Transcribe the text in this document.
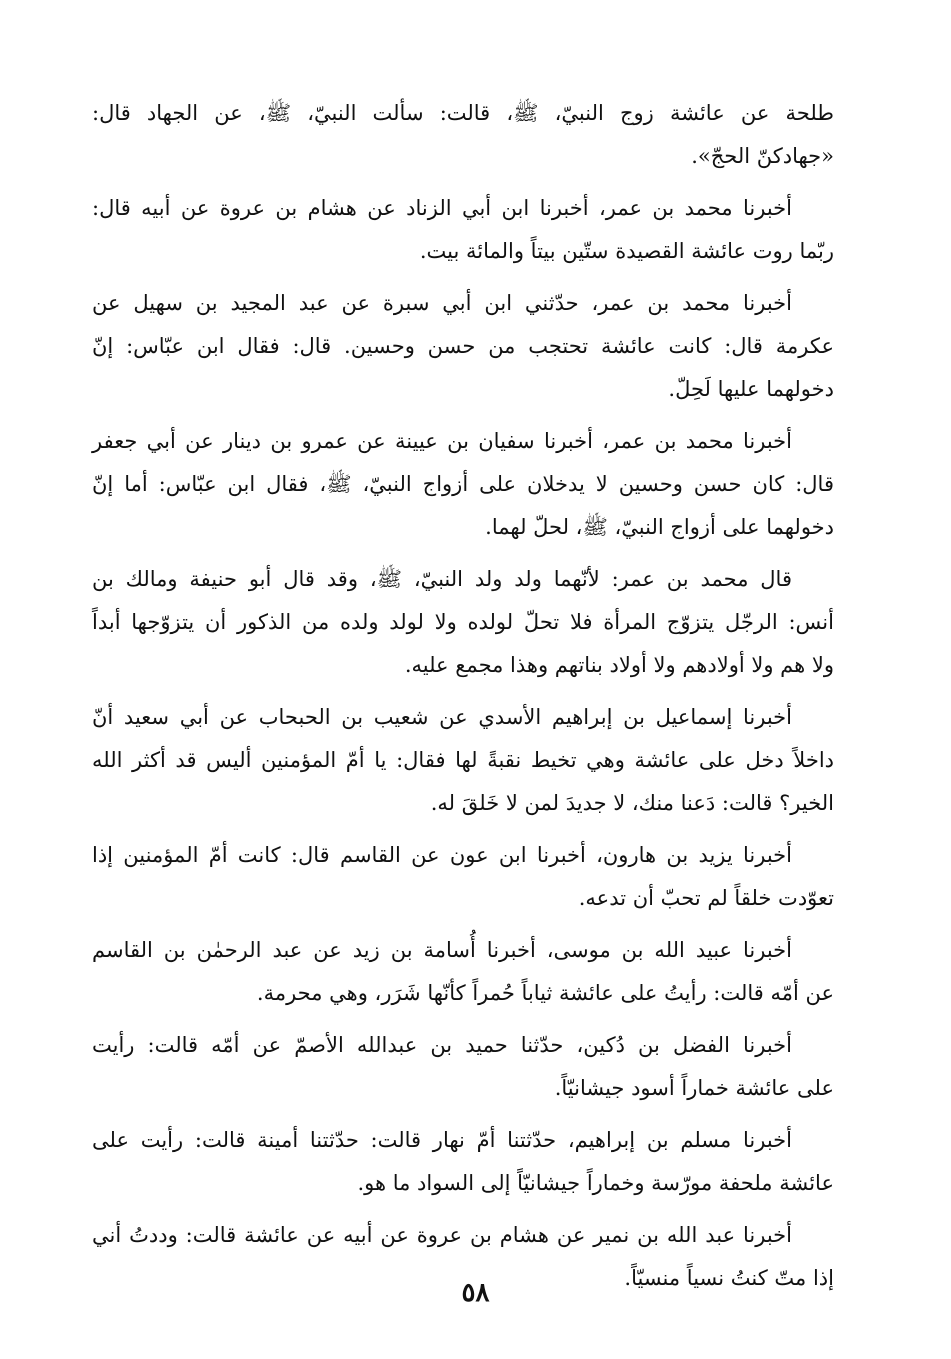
طلحة عن عائشة زوج النبيّ، ﷺ، قالت: سألت النبيّ، ﷺ، عن الجهاد قال:
«جهادكنّ الحجّ».

أخبرنا محمد بن عمر، أخبرنا ابن أبي الزناد عن هشام بن عروة عن أبيه قال:
ربّما روت عائشة القصيدة ستّين بيتاً والمائة بيت.

أخبرنا محمد بن عمر، حدّثني ابن أبي سبرة عن عبد المجيد بن سهيل عن
عكرمة قال: كانت عائشة تحتجب من حسن وحسين. قال: فقال ابن عبّاس: إنّ
دخولهما عليها لَحِلّ.

أخبرنا محمد بن عمر، أخبرنا سفيان بن عيينة عن عمرو بن دينار عن أبي جعفر
قال: كان حسن وحسين لا يدخلان على أزواج النبيّ، ﷺ، فقال ابن عبّاس: أما إنّ
دخولهما على أزواج النبيّ، ﷺ، لحلّ لهما.

قال محمد بن عمر: لأنّهما ولد ولد النبيّ، ﷺ، وقد قال أبو حنيفة ومالك بن
أنس: الرجّل يتزوّج المرأة فلا تحلّ لولده ولا لولد ولده من الذكور أن يتزوّجها أبداً
ولا هم ولا أولادهم ولا أولاد بناتهم وهذا مجمع عليه.

أخبرنا إسماعيل بن إبراهيم الأسدي عن شعيب بن الحبحاب عن أبي سعيد أنّ
داخلاً دخل على عائشة وهي تخيط نقبةً لها فقال: يا أمّ المؤمنين أليس قد أكثر الله
الخير؟ قالت: دَعنا منك، لا جديدَ لمن لا خَلقَ له.

أخبرنا يزيد بن هارون، أخبرنا ابن عون عن القاسم قال: كانت أمّ المؤمنين إذا
تعوّدت خلقاً لم تحبّ أن تدعه.

أخبرنا عبيد الله بن موسى، أخبرنا أُسامة بن زيد عن عبد الرحمٰن بن القاسم
عن أمّه قالت: رأيتُ على عائشة ثياباً حُمراً كأنّها شَرَر، وهي محرمة.

أخبرنا الفضل بن دُكين، حدّثنا حميد بن عبدالله الأصمّ عن أمّه قالت: رأيت
على عائشة خماراً أسود جيشانيّاً.

أخبرنا مسلم بن إبراهيم، حدّثتنا أمّ نهار قالت: حدّثتنا أمينة قالت: رأيت على
عائشة ملحفة مورّسة وخماراً جيشانيّاً إلى السواد ما هو.

أخبرنا عبد الله بن نمير عن هشام بن عروة عن أبيه عن عائشة قالت: وددتُ أني
إذا متّ كنتُ نسياً منسيّاً.

٥٨
